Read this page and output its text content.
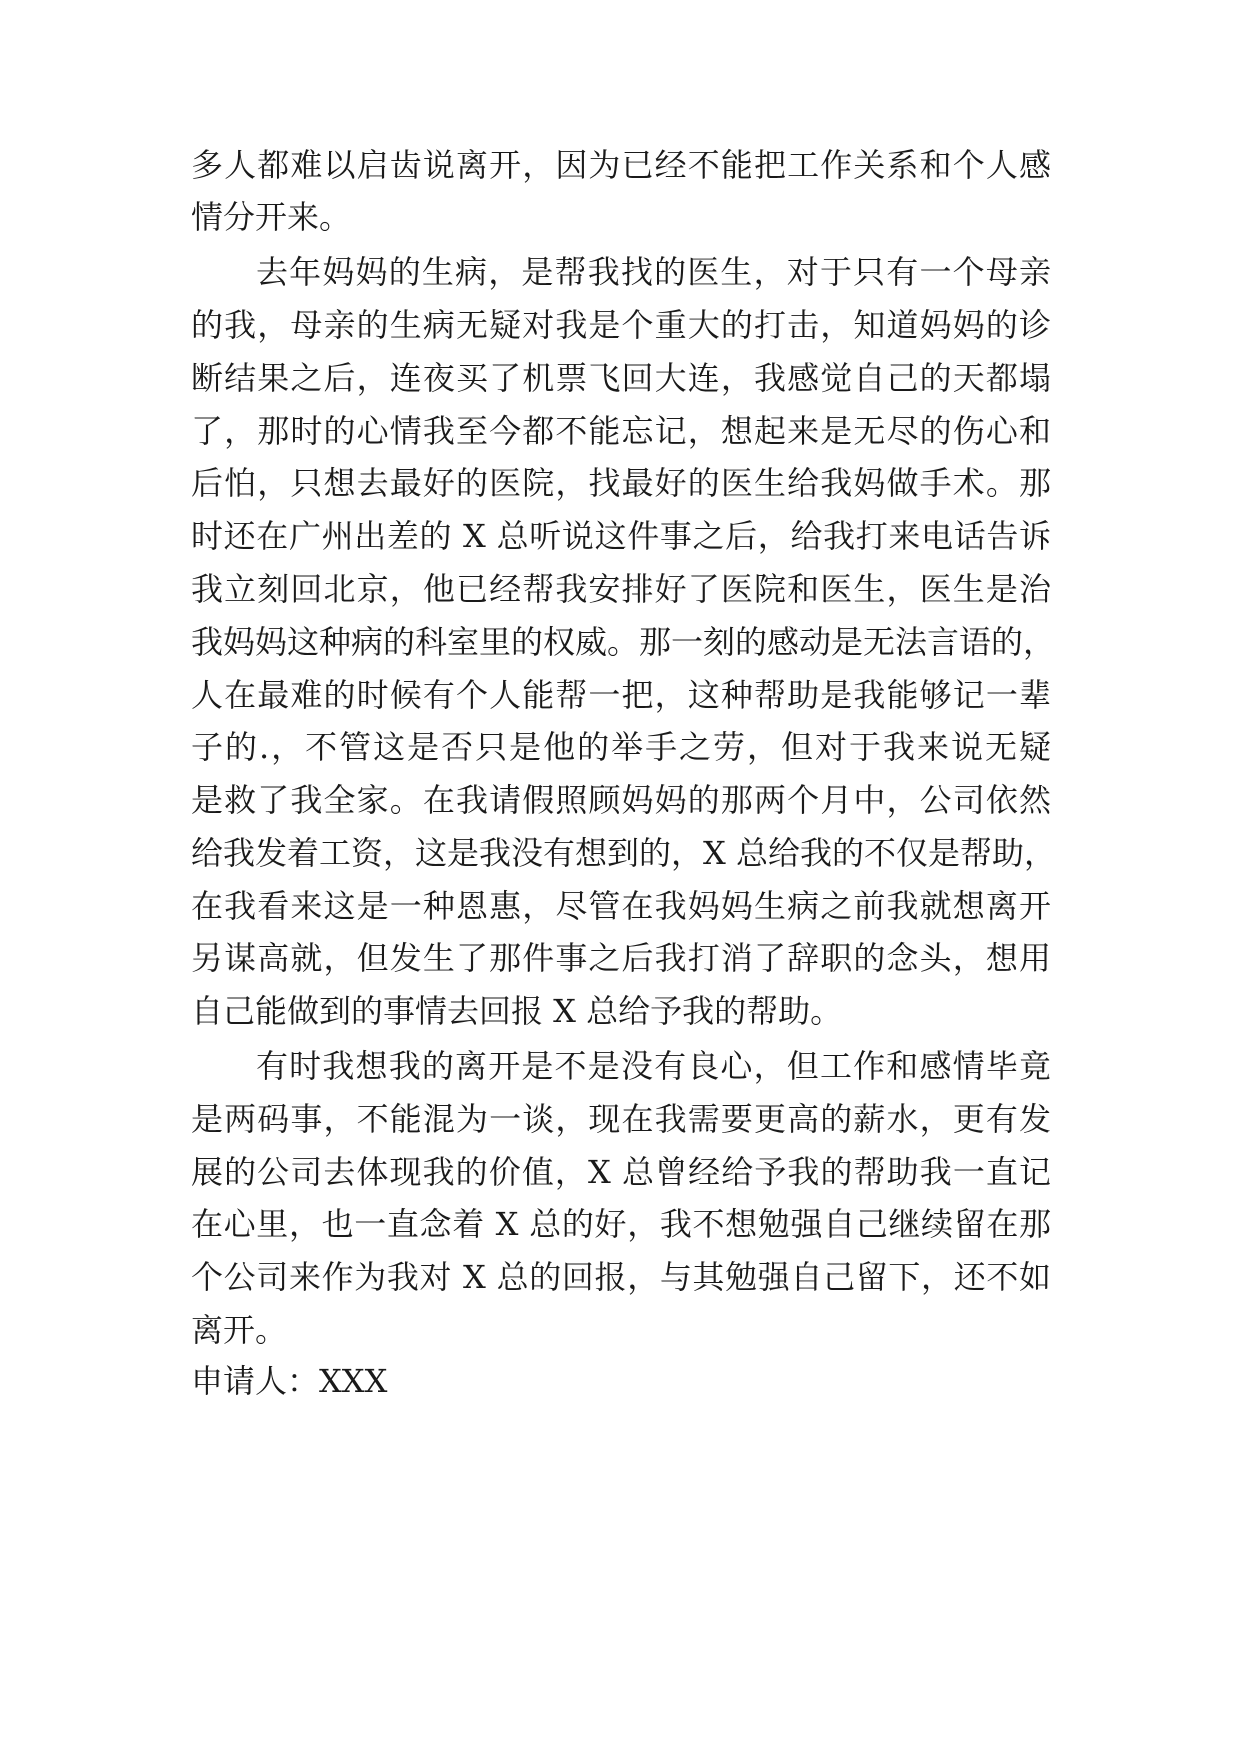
多人都难以启齿说离开，因为已经不能把工作关系和个人感

情分开来。

去年妈妈的生病，是帮我找的医生，对于只有一个母亲

的我，母亲的生病无疑对我是个重大的打击，知道妈妈的诊

断结果之后，连夜买了机票飞回大连，我感觉自己的天都塌

了，那时的心情我至今都不能忘记，想起来是无尽的伤心和

后怕，只想去最好的医院，找最好的医生给我妈做手术。那

时还在广州出差的 X 总听说这件事之后，给我打来电话告诉

我立刻回北京，他已经帮我安排好了医院和医生，医生是治

我妈妈这种病的科室里的权威。那一刻的感动是无法言语的，

人在最难的时候有个人能帮一把，这种帮助是我能够记一辈

子的.，不管这是否只是他的举手之劳，但对于我来说无疑

是救了我全家。在我请假照顾妈妈的那两个月中，公司依然

给我发着工资，这是我没有想到的，X 总给我的不仅是帮助，

在我看来这是一种恩惠，尽管在我妈妈生病之前我就想离开

另谋高就，但发生了那件事之后我打消了辞职的念头，想用

自己能做到的事情去回报 X 总给予我的帮助。

有时我想我的离开是不是没有良心，但工作和感情毕竟

是两码事，不能混为一谈，现在我需要更高的薪水，更有发

展的公司去体现我的价值，X 总曾经给予我的帮助我一直记

在心里，也一直念着 X 总的好，我不想勉强自己继续留在那

个公司来作为我对 X 总的回报，与其勉强自己留下，还不如

离开。

申请人：XXX
